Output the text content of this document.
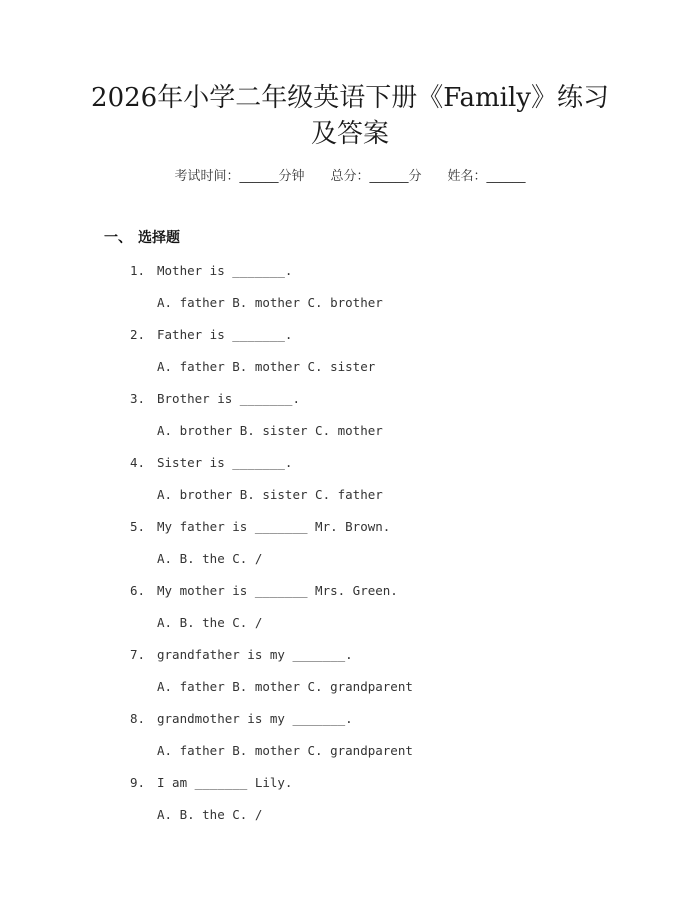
2026年小学二年级英语下册《Family》练习
及答案
考试时间：______分钟 总分：______分 姓名：______
一、 选择题
1. Mother is _______.
A. father B. mother C. brother
2. Father is _______.
A. father B. mother C. sister
3. Brother is _______.
A. brother B. sister C. mother
4. Sister is _______.
A. brother B. sister C. father
5. My father is _______ Mr. Brown.
A. B. the C. /
6. My mother is _______ Mrs. Green.
A. B. the C. /
7. grandfather is my _______.
A. father B. mother C. grandparent
8. grandmother is my _______.
A. father B. mother C. grandparent
9. I am _______ Lily.
A. B. the C. /
